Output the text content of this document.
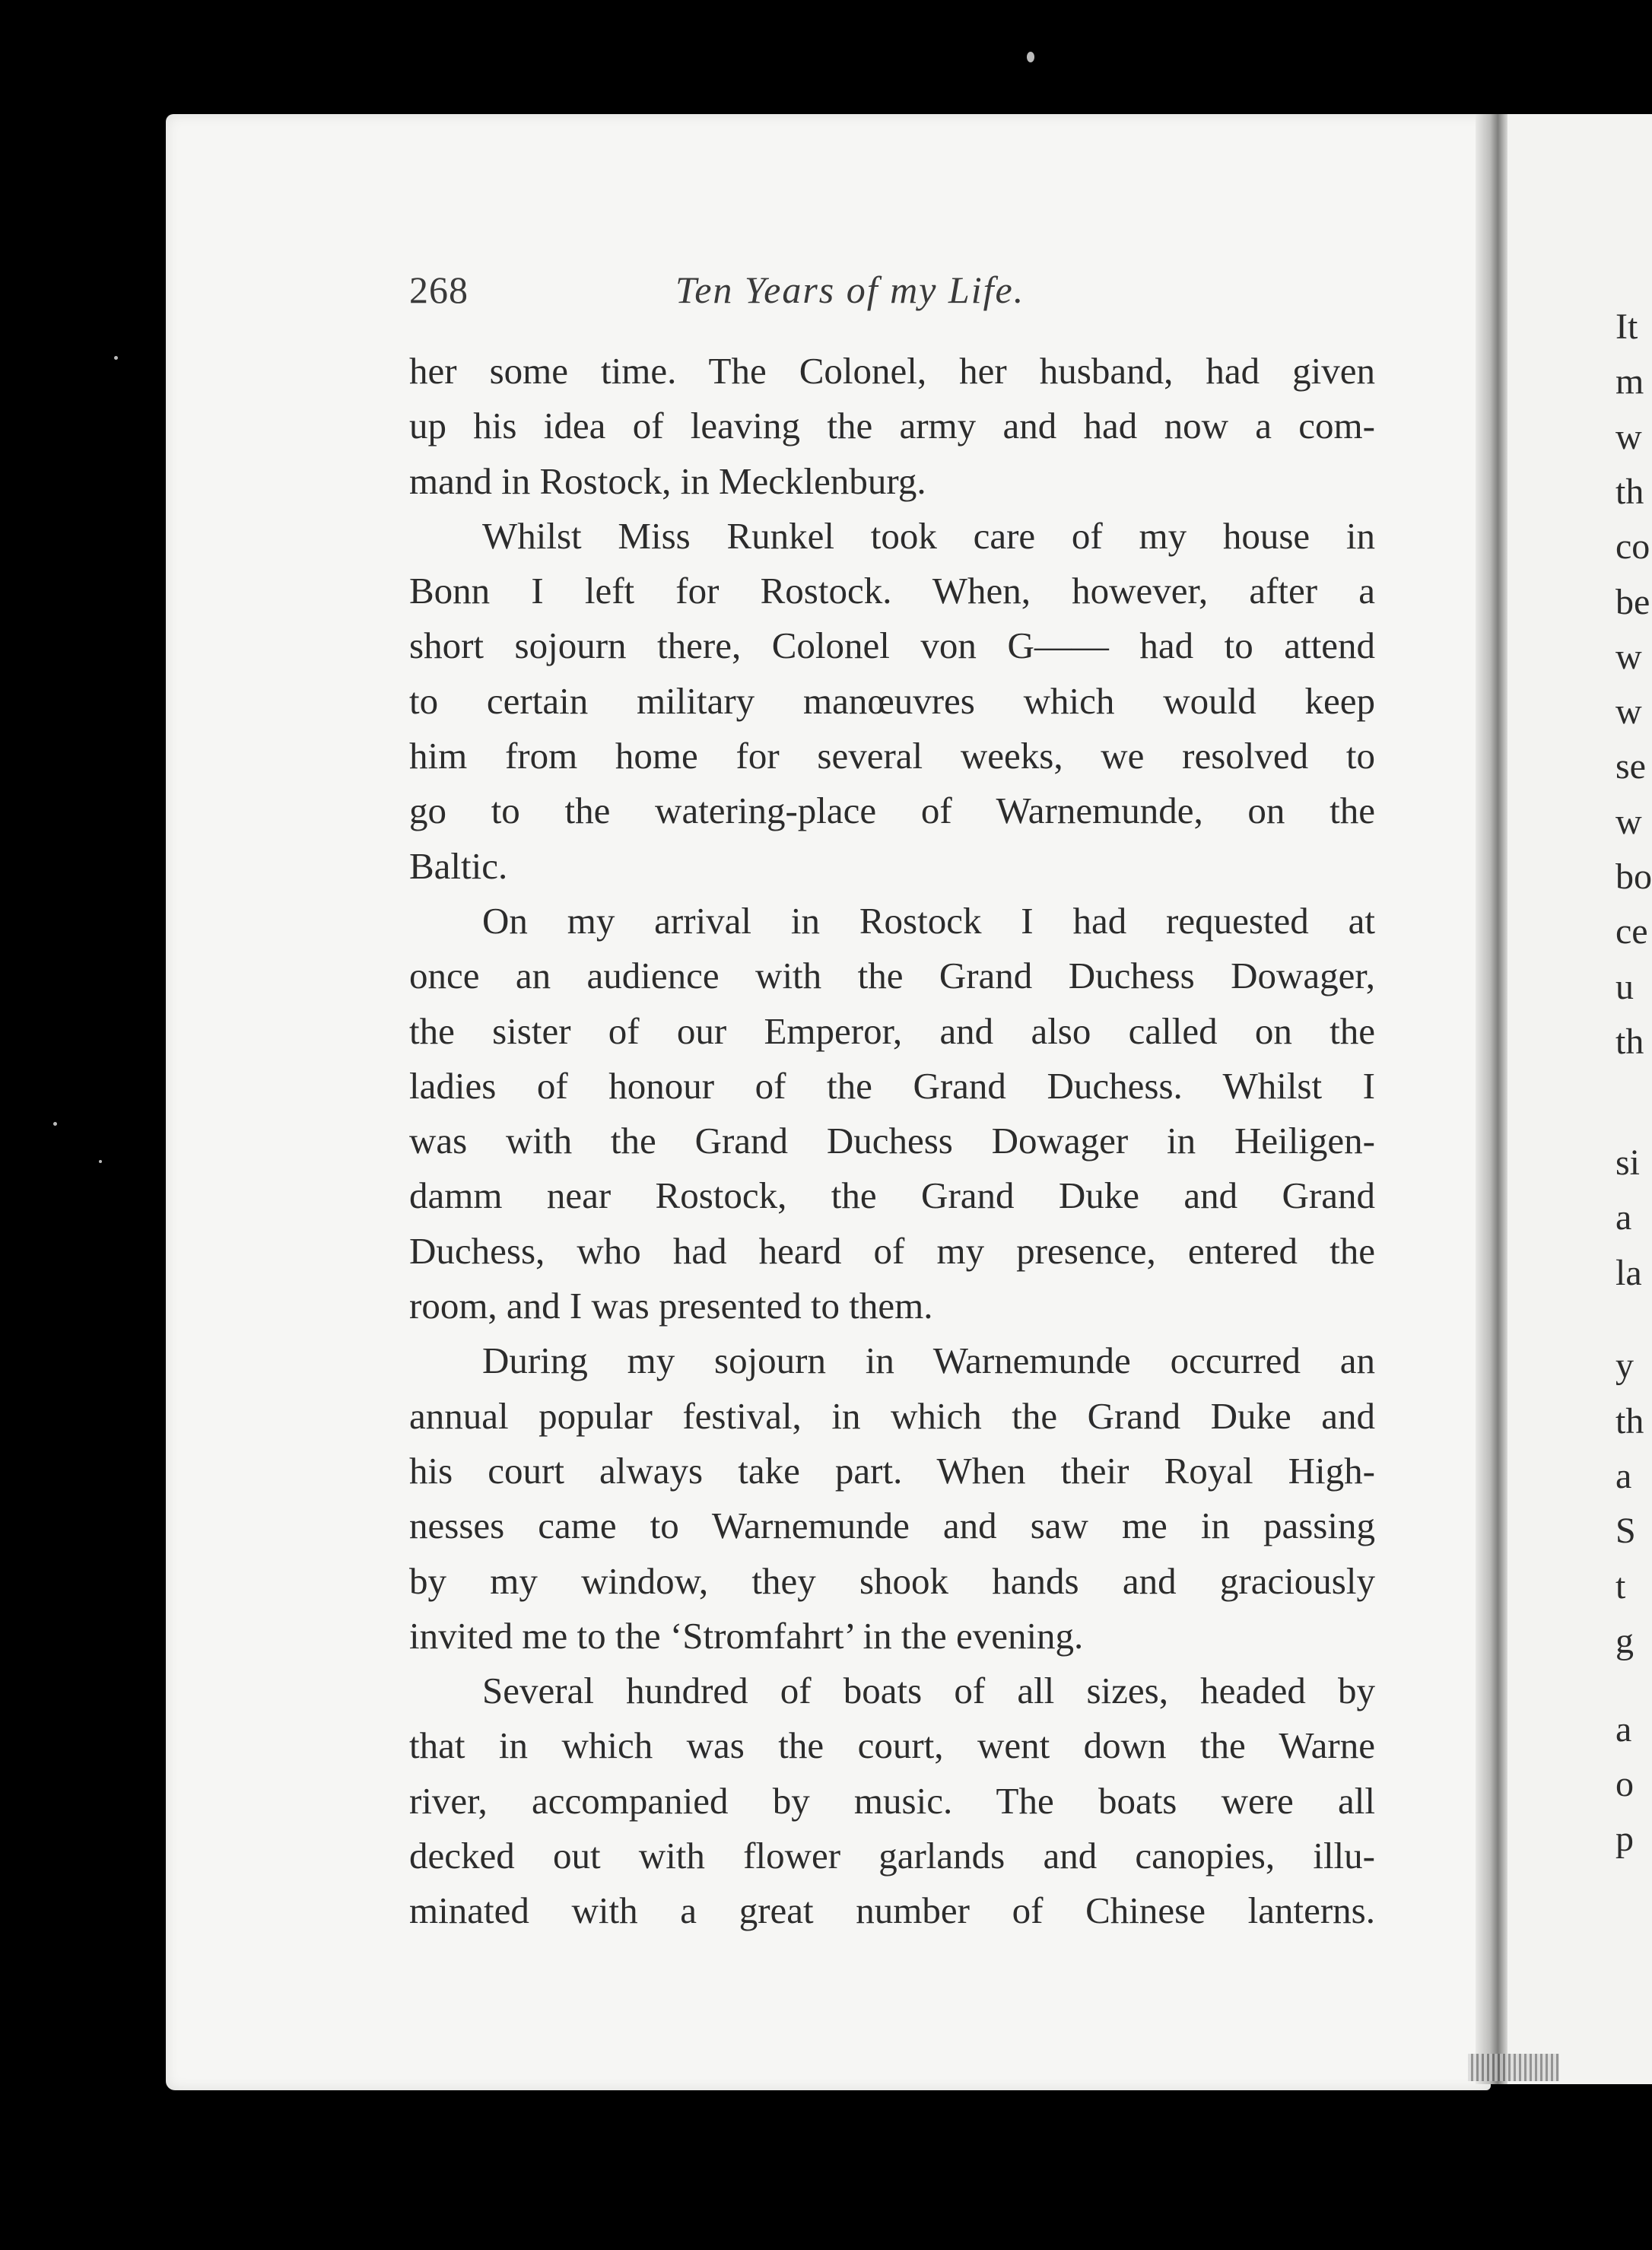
268	Ten Years of my Life.
her some time. The Colonel, her husband, had given
up his idea of leaving the army and had now a com-
mand in Rostock, in Mecklenburg.
Whilst Miss Runkel took care of my house in
Bonn I left for Rostock. When, however, after a
short sojourn there, Colonel von G—— had to attend
to certain military manœuvres which would keep
him from home for several weeks, we resolved to
go to the watering-place of Warnemunde, on the
Baltic.
On my arrival in Rostock I had requested at
once an audience with the Grand Duchess Dowager,
the sister of our Emperor, and also called on the
ladies of honour of the Grand Duchess. Whilst I
was with the Grand Duchess Dowager in Heiligen-
damm near Rostock, the Grand Duke and Grand
Duchess, who had heard of my presence, entered the
room, and I was presented to them.
During my sojourn in Warnemunde occurred an
annual popular festival, in which the Grand Duke and
his court always take part. When their Royal High-
nesses came to Warnemunde and saw me in passing
by my window, they shook hands and graciously
invited me to the ‘Stromfahrt’ in the evening.
Several hundred of boats of all sizes, headed by
that in which was the court, went down the Warne
river, accompanied by music. The boats were all
decked out with flower garlands and canopies, illu-
minated with a great number of Chinese lanterns.
It
m
w
th
co
be
w
w
se
w
bo
ce
u
th
si
a
la
y
th
a
S
t
g
a
o
p
